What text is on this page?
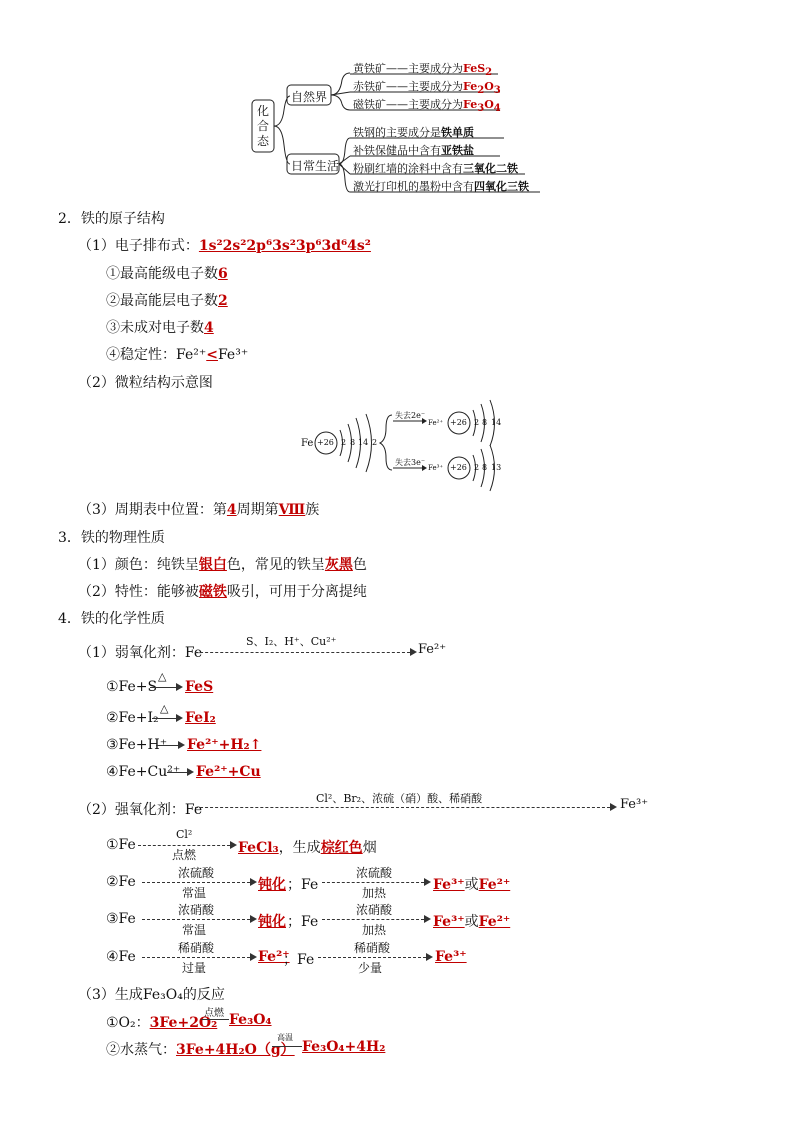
化合态
自然界
日常生活
黄铁矿——主要成分为FeS$_2$
赤铁矿——主要成分为$Fe_2O_3$
磁铁矿——主要成分为$Fe_3O_4$
铁钢的主要成分是铁单质
补铁保健品中含有亚铁盐
粉刷红墙的涂料中含有三氧化二铁
激光打印机的墨粉中含有四氧化三铁
2．铁的原子结构
（1）电子排布式：1s²2s²2p⁶3s²3p⁶3d⁶4s²
①最高能级电子数6
②最高能层电子数2
③未成对电子数4
④稳定性：Fe²⁺<Fe³⁺
（2）微粒结构示意图
Fe +26 2 8 14 2
失去2e⁻
失去3e⁻
Fe²⁺
Fe³⁺
+26
+26
2 8 14
2 8 13
（3）周期表中位置：第4周期第Ⅷ族
3．铁的物理性质
（1）颜色：纯铁呈银白色，常见的铁呈灰黑色
（2）特性：能够被磁铁吸引，可用于分离提纯
4．铁的化学性质
（1）弱氧化剂：Fe
S、I₂、H⁺、Cu²⁺
Fe²⁺
①Fe+S
△
FeS
②Fe+I₂
△
FeI₂
③Fe+H⁺ Fe²⁺+H₂↑
④Fe+Cu²⁺ Fe²⁺+Cu
（2）强氧化剂：Fe
Cl²、Br₂、浓硫（硝）酸、稀硝酸	Fe³⁺
①Fe
Cl²
点燃	FeCl₃，生成棕红色烟
②Fe
浓硫酸
常温	钝化 ；Fe
浓硫酸
加热	Fe³⁺或Fe²⁺
③Fe
浓硝酸
常温	钝化 ；Fe
浓硝酸
加热	Fe³⁺或Fe²⁺
④Fe
稀硝酸
过量
Fe²⁺
；Fe
稀硝酸
少量
Fe³⁺
（3）生成Fe₃O₄的反应
①O₂：3Fe+2O₂
点燃 Fe₃O₄
②水蒸气：3Fe+4H₂O（g）
高温
Fe₃O₄+4H₂
